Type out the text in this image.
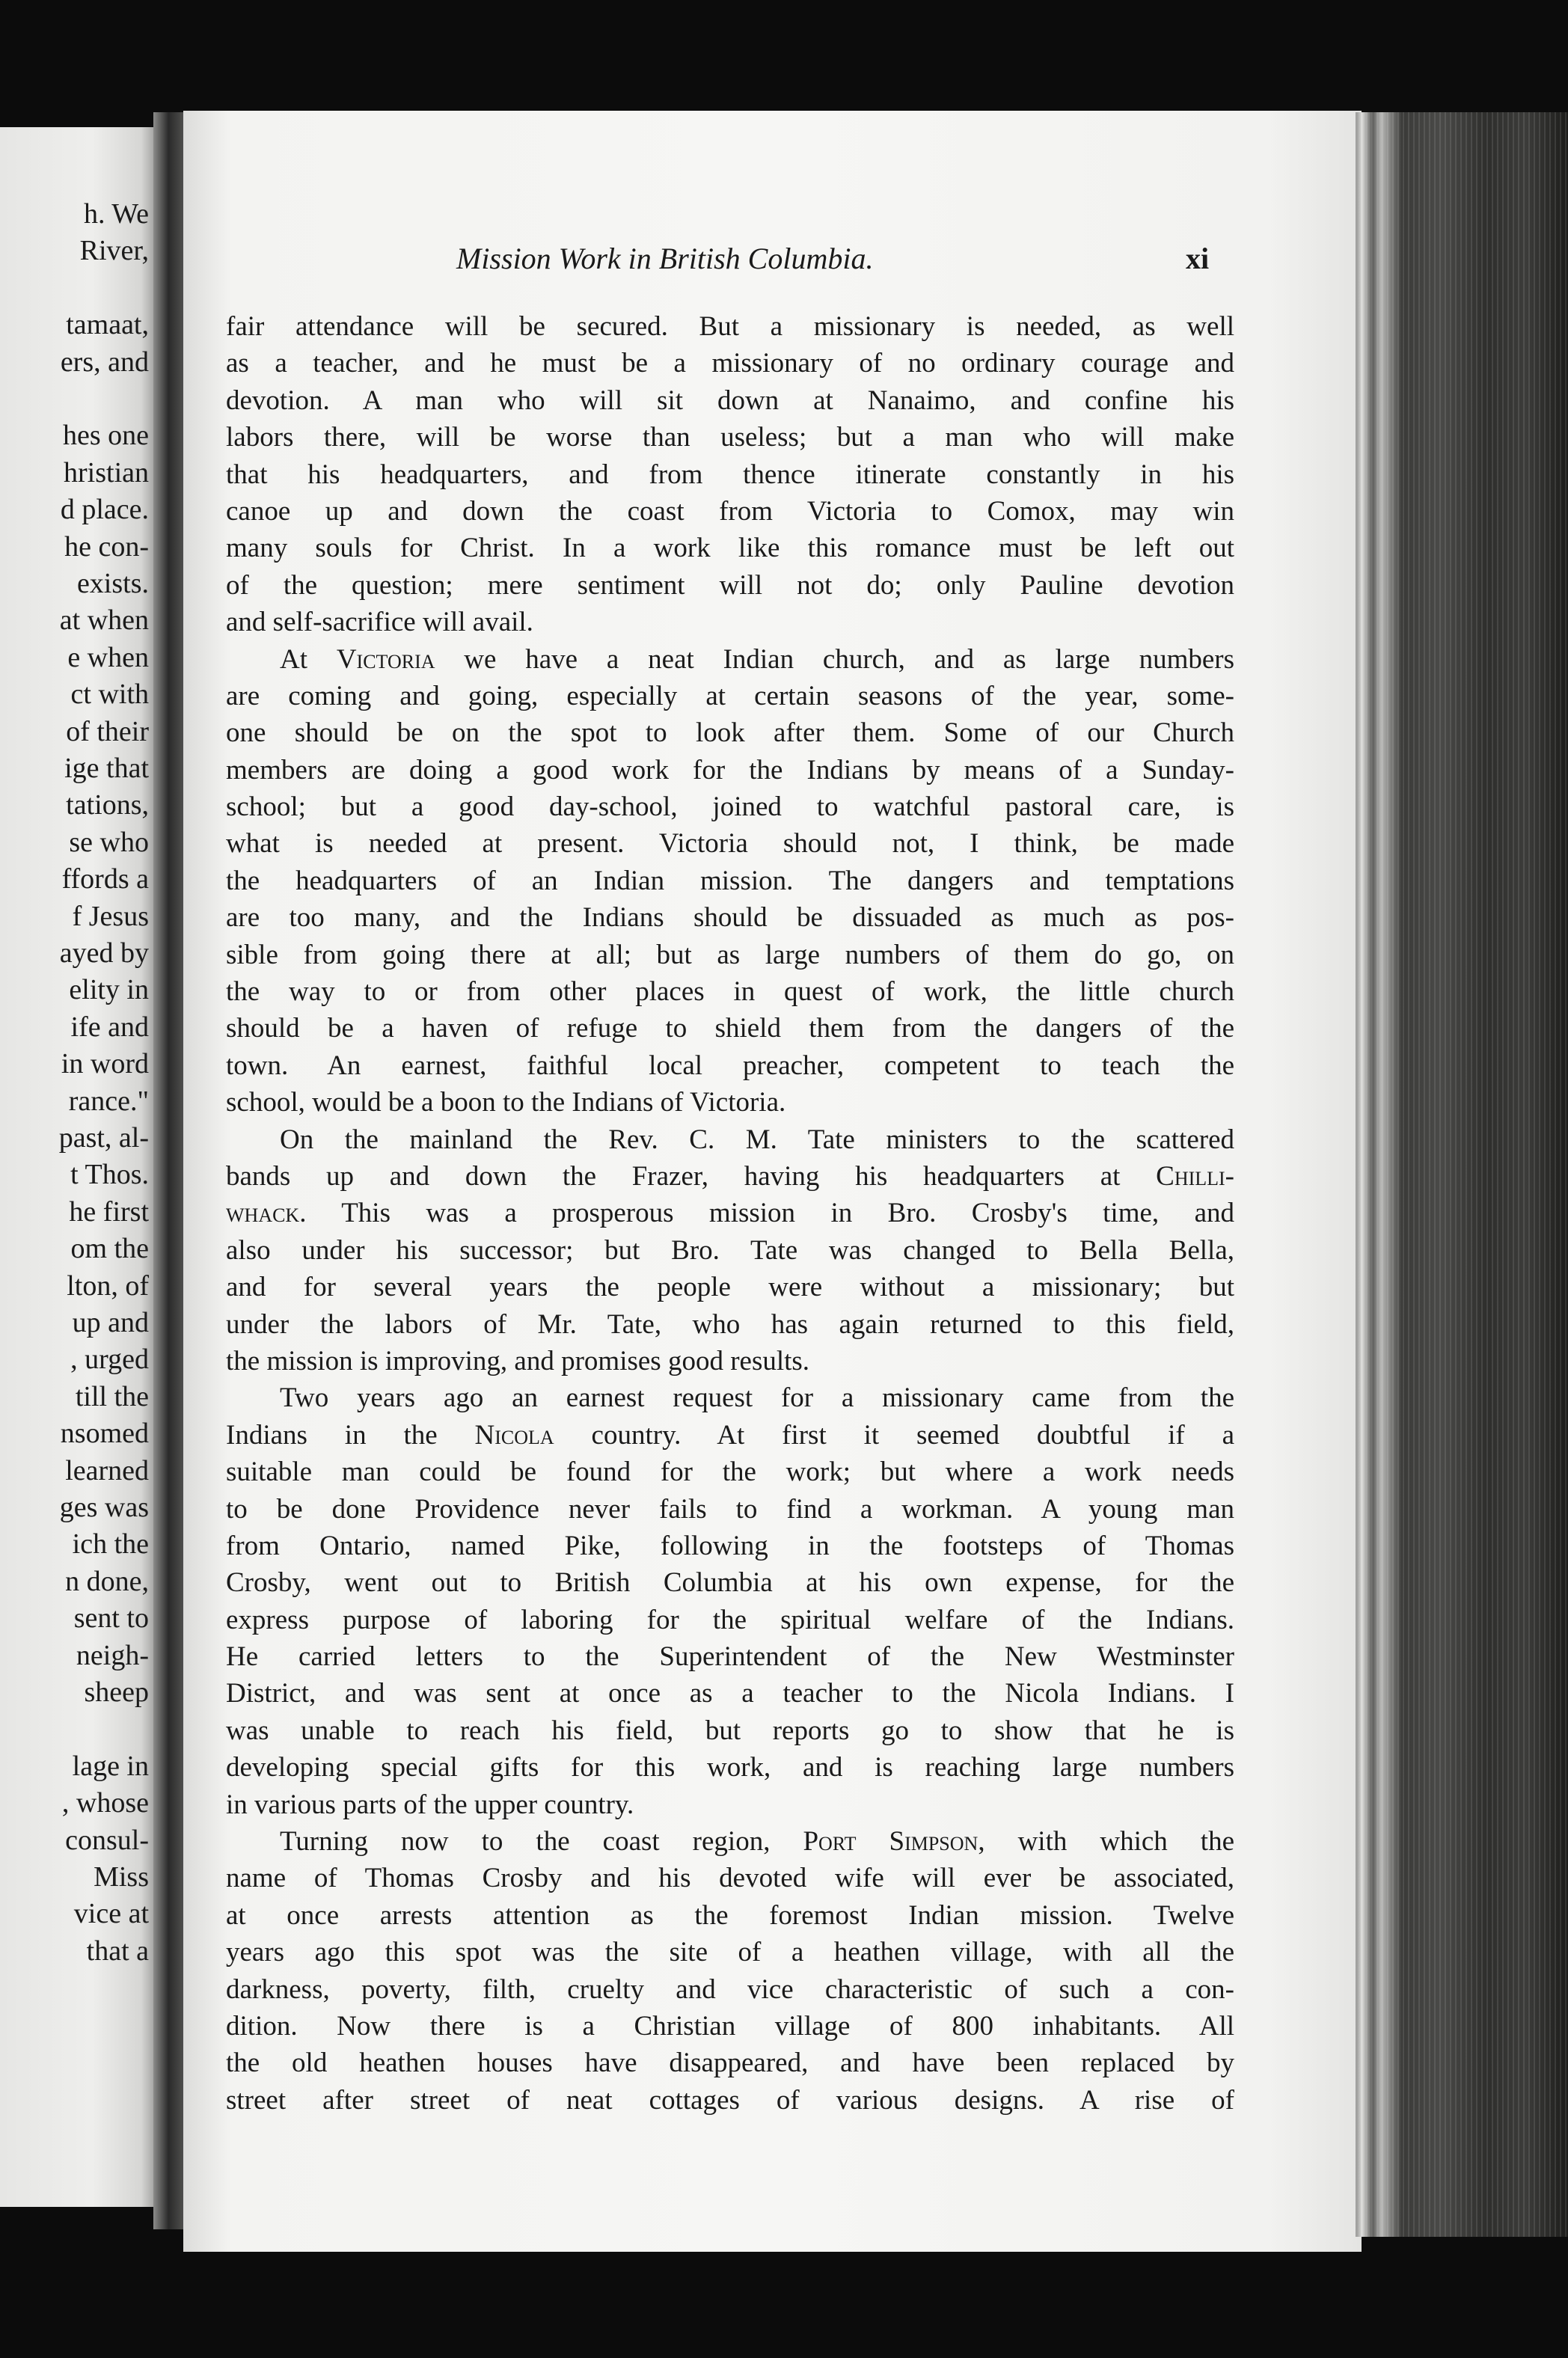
h. We
River,
tamaat,
ers, and
hes one
hristian
d place.
he con-
exists.
at when
e when
ct with
of their
ige that
tations,
se who
ffords a
f Jesus
ayed by
elity in
ife and
in word
rance."
past, al-
t Thos.
he first
om the
lton, of
up and
, urged
till the
nsomed
learned
ges was
ich the
n done,
sent to
neigh-
sheep
lage in
, whose
consul-
Miss
vice at
that a
Mission Work in British Columbia.	xi
fair attendance will be secured. But a missionary is needed, as well
as a teacher, and he must be a missionary of no ordinary courage and
devotion. A man who will sit down at Nanaimo, and confine his
labors there, will be worse than useless; but a man who will make
that his headquarters, and from thence itinerate constantly in his
canoe up and down the coast from Victoria to Comox, may win
many souls for Christ. In a work like this romance must be left out
of the question; mere sentiment will not do; only Pauline devotion
and self-sacrifice will avail.
At Victoria we have a neat Indian church, and as large numbers
are coming and going, especially at certain seasons of the year, some-
one should be on the spot to look after them. Some of our Church
members are doing a good work for the Indians by means of a Sunday-
school; but a good day-school, joined to watchful pastoral care, is
what is needed at present. Victoria should not, I think, be made
the headquarters of an Indian mission. The dangers and temptations
are too many, and the Indians should be dissuaded as much as pos-
sible from going there at all; but as large numbers of them do go, on
the way to or from other places in quest of work, the little church
should be a haven of refuge to shield them from the dangers of the
town. An earnest, faithful local preacher, competent to teach the
school, would be a boon to the Indians of Victoria.
On the mainland the Rev. C. M. Tate ministers to the scattered
bands up and down the Frazer, having his headquarters at Chilli-
whack. This was a prosperous mission in Bro. Crosby's time, and
also under his successor; but Bro. Tate was changed to Bella Bella,
and for several years the people were without a missionary; but
under the labors of Mr. Tate, who has again returned to this field,
the mission is improving, and promises good results.
Two years ago an earnest request for a missionary came from the
Indians in the Nicola country. At first it seemed doubtful if a
suitable man could be found for the work; but where a work needs
to be done Providence never fails to find a workman. A young man
from Ontario, named Pike, following in the footsteps of Thomas
Crosby, went out to British Columbia at his own expense, for the
express purpose of laboring for the spiritual welfare of the Indians.
He carried letters to the Superintendent of the New Westminster
District, and was sent at once as a teacher to the Nicola Indians. I
was unable to reach his field, but reports go to show that he is
developing special gifts for this work, and is reaching large numbers
in various parts of the upper country.
Turning now to the coast region, Port Simpson, with which the
name of Thomas Crosby and his devoted wife will ever be associated,
at once arrests attention as the foremost Indian mission. Twelve
years ago this spot was the site of a heathen village, with all the
darkness, poverty, filth, cruelty and vice characteristic of such a con-
dition. Now there is a Christian village of 800 inhabitants. All
the old heathen houses have disappeared, and have been replaced by
street after street of neat cottages of various designs. A rise of
